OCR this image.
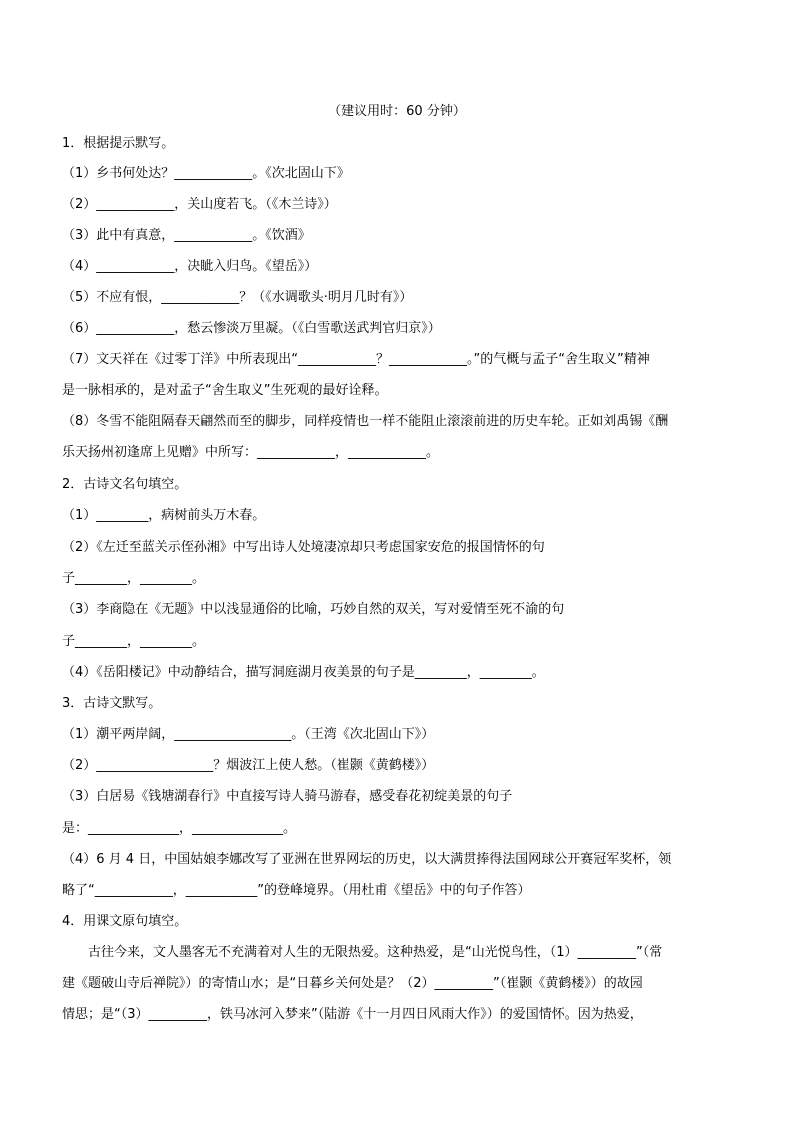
（建议用时：60 分钟）
1．根据提示默写。
（1）乡书何处达？____________。《次北固山下》
（2）____________，关山度若飞。（《木兰诗》）
（3）此中有真意，____________。《饮酒》
（4）____________，决眦入归鸟。《望岳》）
（5）不应有恨，____________？（《水调歌头·明月几时有》）
（6）____________，愁云惨淡万里凝。（《白雪歌送武判官归京》）
（7）文天祥在《过零丁洋》中所表现出“____________？____________。”的气概与孟子“舍生取义”精神
是一脉相承的，是对孟子“舍生取义”生死观的最好诠释。
（8）冬雪不能阻隔春天翩然而至的脚步，同样疫情也一样不能阻止滚滚前进的历史车轮。正如刘禹锡《酬
乐天扬州初逢席上见赠》中所写：____________，____________。
2．古诗文名句填空。
（1）________，病树前头万木春。
（2）《左迁至蓝关示侄孙湘》中写出诗人处境凄凉却只考虑国家安危的报国情怀的句
子________，________。
（3）李商隐在《无题》中以浅显通俗的比喻，巧妙自然的双关，写对爱情至死不渝的句
子________，________。
（4）《岳阳楼记》中动静结合，描写洞庭湖月夜美景的句子是________，________。
3．古诗文默写。
（1）潮平两岸阔，__________________。（王湾《次北固山下》）
（2）__________________？烟波江上使人愁。（崔颢《黄鹤楼》）
（3）白居易《钱塘湖春行》中直接写诗人骑马游春，感受春花初绽美景的句子
是：______________，______________。
（4）6 月 4 日，中国姑娘李娜改写了亚洲在世界网坛的历史，以大满贯捧得法国网球公开赛冠军奖杯，领
略了“____________，___________”的登峰境界。（用杜甫《望岳》中的句子作答）
4．用课文原句填空。
古往今来，文人墨客无不充满着对人生的无限热爱。这种热爱，是“山光悦鸟性，（1）_________”（常
建《题破山寺后禅院》）的寄情山水；是“日暮乡关何处是？（2）_________”（崔颢《黄鹤楼》）的故园
情思；是“（3）_________，铁马冰河入梦来”（陆游《十一月四日风雨大作》）的爱国情怀。因为热爱，
